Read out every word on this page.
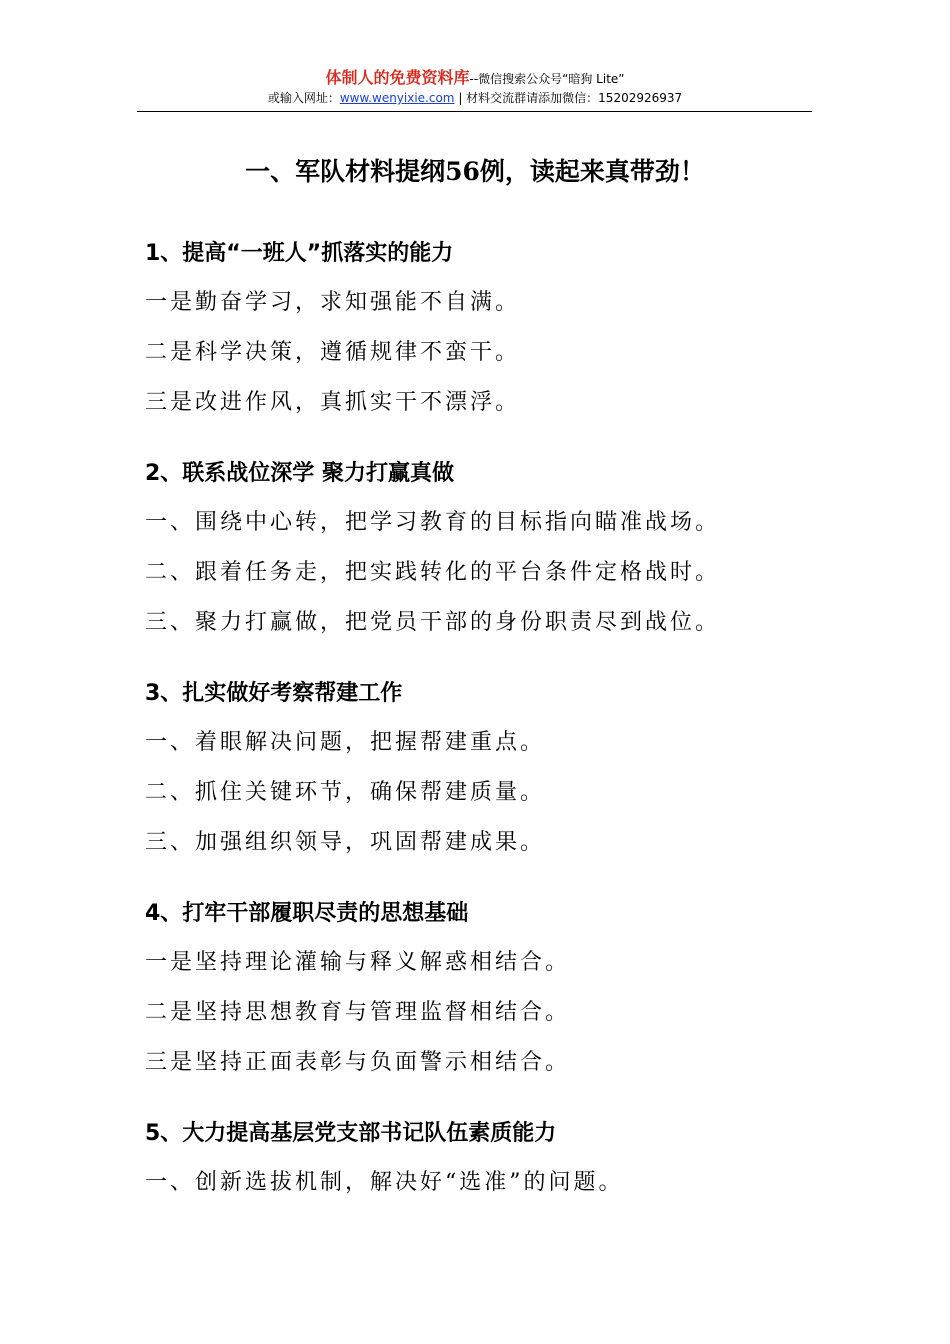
体制人的免费资料库--微信搜索公众号“暗狗 Lite”
或输入网址：www.wenyixie.com | 材料交流群请添加微信：15202926937
一、军队材料提纲56例，读起来真带劲！
1、提高“一班人”抓落实的能力
一是勤奋学习，求知强能不自满。
二是科学决策，遵循规律不蛮干。
三是改进作风，真抓实干不漂浮。
2、联系战位深学 聚力打赢真做
一、围绕中心转，把学习教育的目标指向瞄准战场。
二、跟着任务走，把实践转化的平台条件定格战时。
三、聚力打赢做，把党员干部的身份职责尽到战位。
3、扎实做好考察帮建工作
一、着眼解决问题，把握帮建重点。
二、抓住关键环节，确保帮建质量。
三、加强组织领导，巩固帮建成果。
4、打牢干部履职尽责的思想基础
一是坚持理论灌输与释义解惑相结合。
二是坚持思想教育与管理监督相结合。
三是坚持正面表彰与负面警示相结合。
5、大力提高基层党支部书记队伍素质能力
一、创新选拔机制，解决好“选准”的问题。
